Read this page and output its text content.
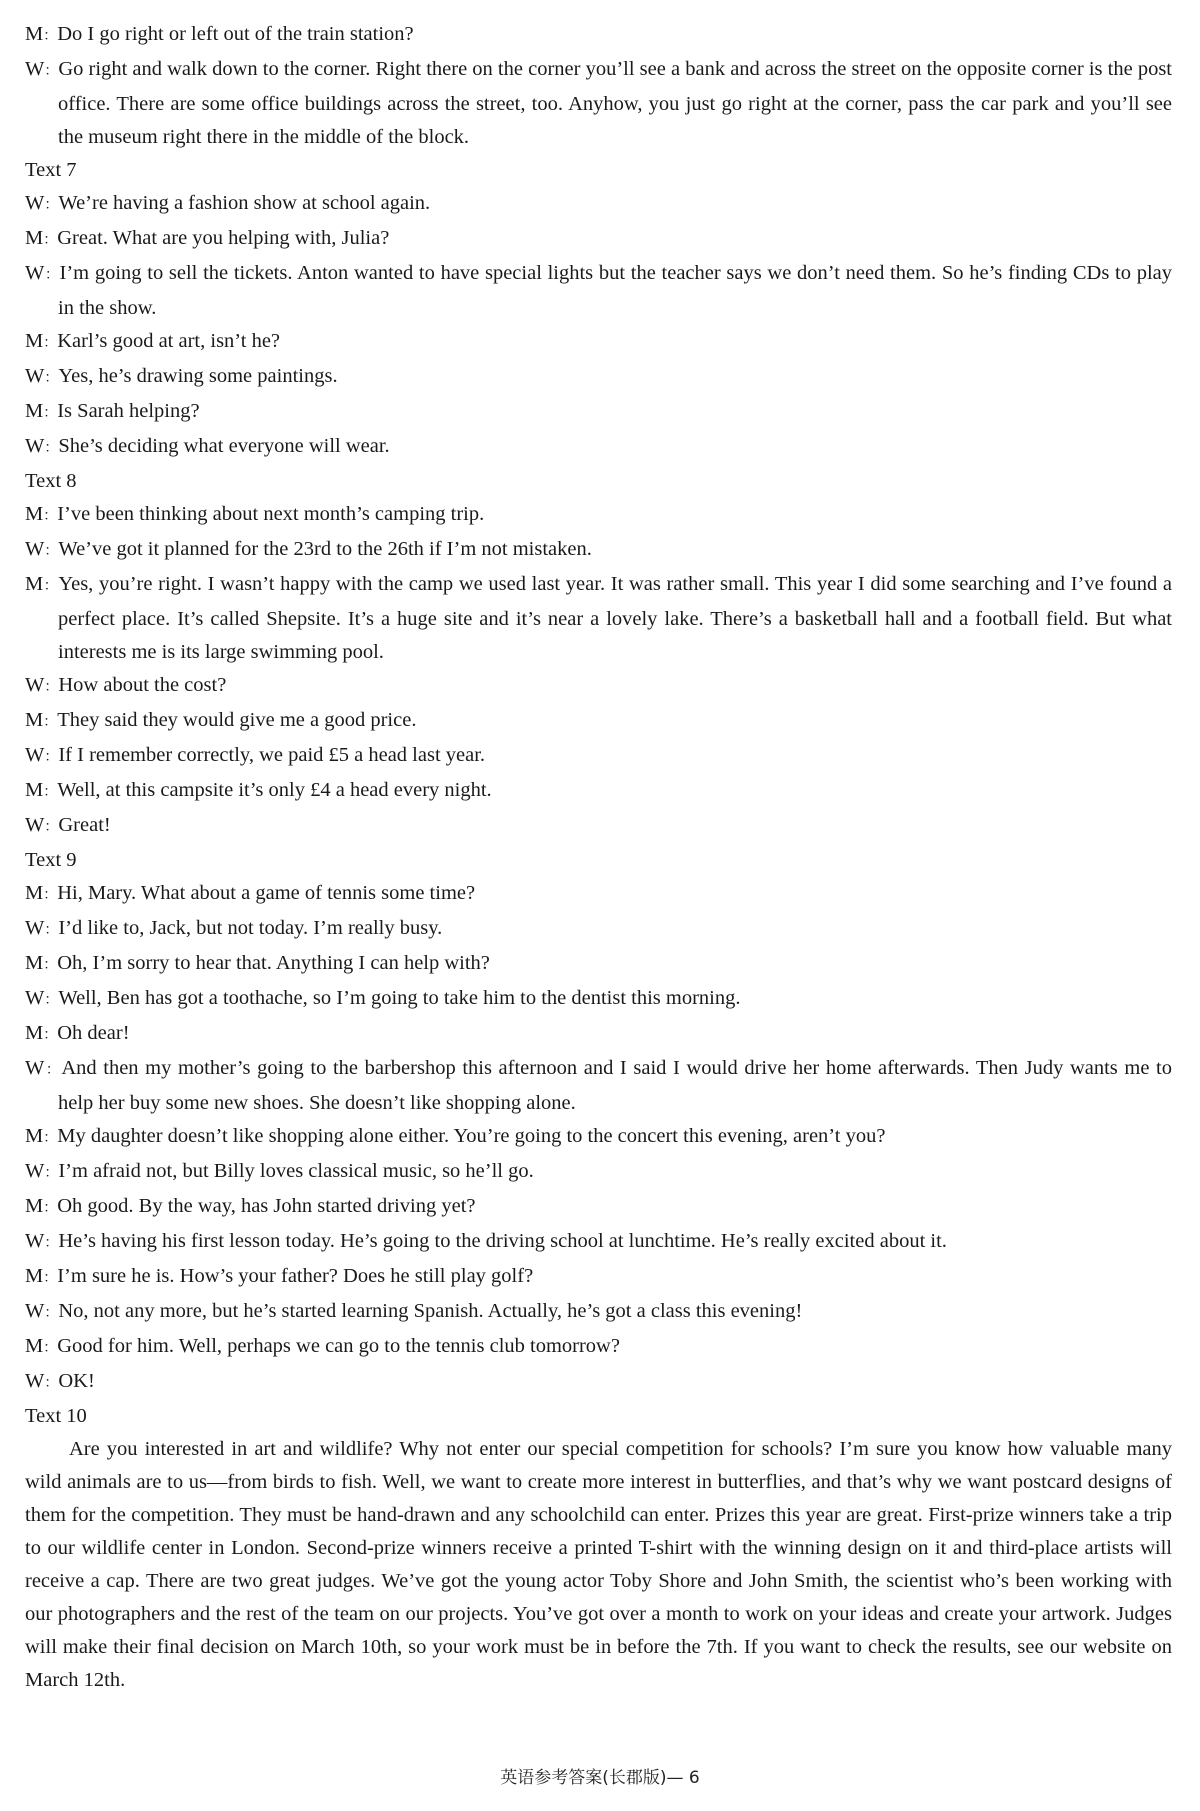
M：Do I go right or left out of the train station?
W：Go right and walk down to the corner. Right there on the corner you’ll see a bank and across the street on the opposite corner is the post office. There are some office buildings across the street, too. Anyhow, you just go right at the corner, pass the car park and you’ll see the museum right there in the middle of the block.
Text 7
W：We’re having a fashion show at school again.
M：Great. What are you helping with, Julia?
W：I’m going to sell the tickets. Anton wanted to have special lights but the teacher says we don’t need them. So he’s finding CDs to play in the show.
M：Karl’s good at art, isn’t he?
W：Yes, he’s drawing some paintings.
M：Is Sarah helping?
W：She’s deciding what everyone will wear.
Text 8
M：I’ve been thinking about next month’s camping trip.
W：We’ve got it planned for the 23rd to the 26th if I’m not mistaken.
M：Yes, you’re right. I wasn’t happy with the camp we used last year. It was rather small. This year I did some searching and I’ve found a perfect place. It’s called Shepsite. It’s a huge site and it’s near a lovely lake. There’s a basketball hall and a football field. But what interests me is its large swimming pool.
W：How about the cost?
M：They said they would give me a good price.
W：If I remember correctly, we paid £5 a head last year.
M：Well, at this campsite it’s only £4 a head every night.
W：Great!
Text 9
M：Hi, Mary. What about a game of tennis some time?
W：I’d like to, Jack, but not today. I’m really busy.
M：Oh, I’m sorry to hear that. Anything I can help with?
W：Well, Ben has got a toothache, so I’m going to take him to the dentist this morning.
M：Oh dear!
W：And then my mother’s going to the barbershop this afternoon and I said I would drive her home afterwards. Then Judy wants me to help her buy some new shoes. She doesn’t like shopping alone.
M：My daughter doesn’t like shopping alone either. You’re going to the concert this evening, aren’t you?
W：I’m afraid not, but Billy loves classical music, so he’ll go.
M：Oh good. By the way, has John started driving yet?
W：He’s having his first lesson today. He’s going to the driving school at lunchtime. He’s really excited about it.
M：I’m sure he is. How’s your father? Does he still play golf?
W：No, not any more, but he’s started learning Spanish. Actually, he’s got a class this evening!
M：Good for him. Well, perhaps we can go to the tennis club tomorrow?
W：OK!
Text 10
Are you interested in art and wildlife? Why not enter our special competition for schools? I’m sure you know how valuable many wild animals are to us—from birds to fish. Well, we want to create more interest in butterflies, and that’s why we want postcard designs of them for the competition. They must be hand-drawn and any schoolchild can enter. Prizes this year are great. First-prize winners take a trip to our wildlife center in London. Second-prize winners receive a printed T-shirt with the winning design on it and third-place artists will receive a cap. There are two great judges. We’ve got the young actor Toby Shore and John Smith, the scientist who’s been working with our photographers and the rest of the team on our projects. You’ve got over a month to work on your ideas and create your artwork. Judges will make their final decision on March 10th, so your work must be in before the 7th. If you want to check the results, see our website on March 12th.
英语参考答案(长郡版)— 6
